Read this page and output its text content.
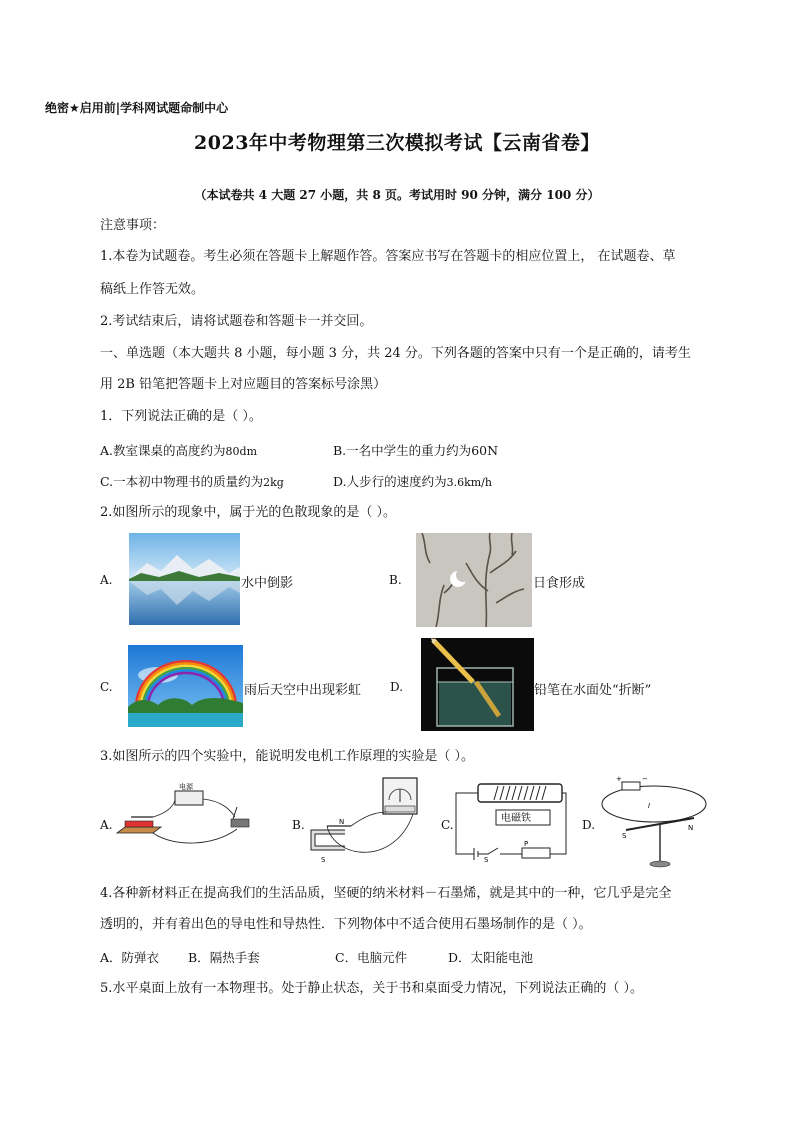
绝密★启用前|学科网试题命制中心
2023年中考物理第三次模拟考试【云南省卷】
（本试卷共 4 大题 27 小题，共 8 页。考试用时 90 分钟，满分 100 分）
注意事项：
1.本卷为试题卷。考生必须在答题卡上解题作答。答案应书写在答题卡的相应位置上， 在试题卷、草
稿纸上作答无效。
2.考试结束后，请将试题卷和答题卡一并交回。
一、单选题（本大题共 8 小题，每小题 3 分，共 24 分。下列各题的答案中只有一个是正确的，请考生
用 2B 铅笔把答题卡上对应题目的答案标号涂黑）
1．下列说法正确的是（ ）。
A.教室课桌的高度约为80dm	B.一名中学生的重力约为60N
C.一本初中物理书的质量约为2kg	D.人步行的速度约为3.6km/h
2.如图所示的现象中，属于光的色散现象的是（ ）。
A.	水中倒影	B.	日食形成
C.	雨后天空中出现彩虹 D.	铅笔在水面处“折断”
3.如图所示的四个实验中，能说明发电机工作原理的实验是（ ）。
A.
电源
B.
S
N	C.	电磁铁
S
P
D.
+	−
I
S
N
4.各种新材料正在提高我们的生活品质，坚硬的纳米材料－石墨烯，就是其中的一种，它几乎是完全
透明的，并有着出色的导电性和导热性．下列物体中不适合使用石墨场制作的是（ ）。
A．防弹衣 B．隔热手套	C．电脑元件	D．太阳能电池
5.水平桌面上放有一本物理书。处于静止状态，关于书和桌面受力情况，下列说法正确的（ ）。
